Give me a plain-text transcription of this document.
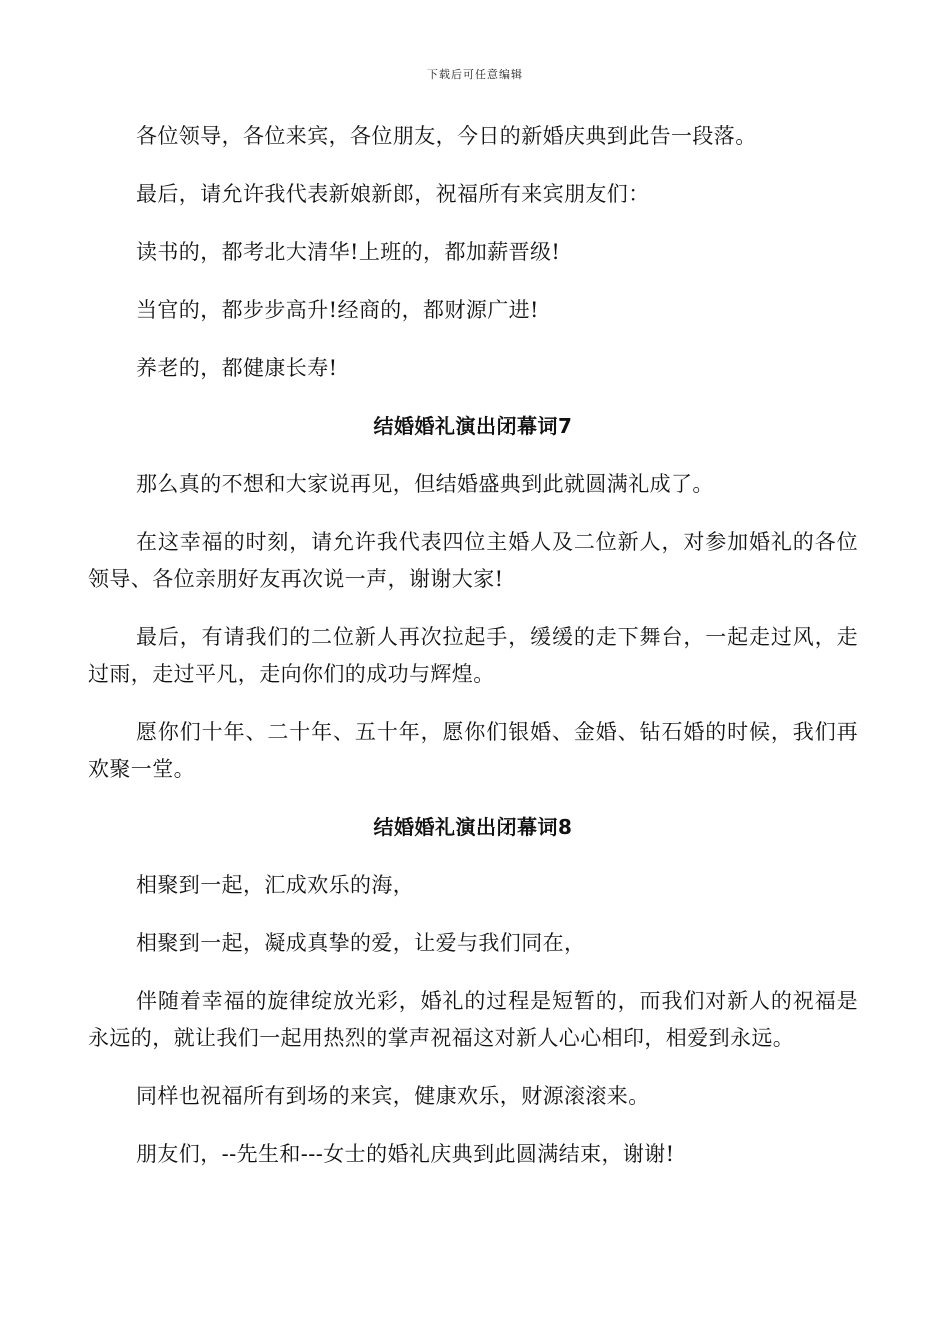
下载后可任意编辑

各位领导，各位来宾，各位朋友，今日的新婚庆典到此告一段落。

最后，请允许我代表新娘新郎，祝福所有来宾朋友们：

读书的，都考北大清华!上班的，都加薪晋级!

当官的，都步步高升!经商的，都财源广进!

养老的，都健康长寿!

结婚婚礼演出闭幕词7

那么真的不想和大家说再见，但结婚盛典到此就圆满礼成了。

在这幸福的时刻，请允许我代表四位主婚人及二位新人，对参加婚礼的各位领导、各位亲朋好友再次说一声，谢谢大家!

最后，有请我们的二位新人再次拉起手，缓缓的走下舞台，一起走过风，走过雨，走过平凡，走向你们的成功与辉煌。

愿你们十年、二十年、五十年，愿你们银婚、金婚、钻石婚的时候，我们再欢聚一堂。

结婚婚礼演出闭幕词8

相聚到一起，汇成欢乐的海，

相聚到一起，凝成真挚的爱，让爱与我们同在，

伴随着幸福的旋律绽放光彩，婚礼的过程是短暂的，而我们对新人的祝福是永远的，就让我们一起用热烈的掌声祝福这对新人心心相印，相爱到永远。

同样也祝福所有到场的来宾，健康欢乐，财源滚滚来。

朋友们，--先生和---女士的婚礼庆典到此圆满结束，谢谢!
